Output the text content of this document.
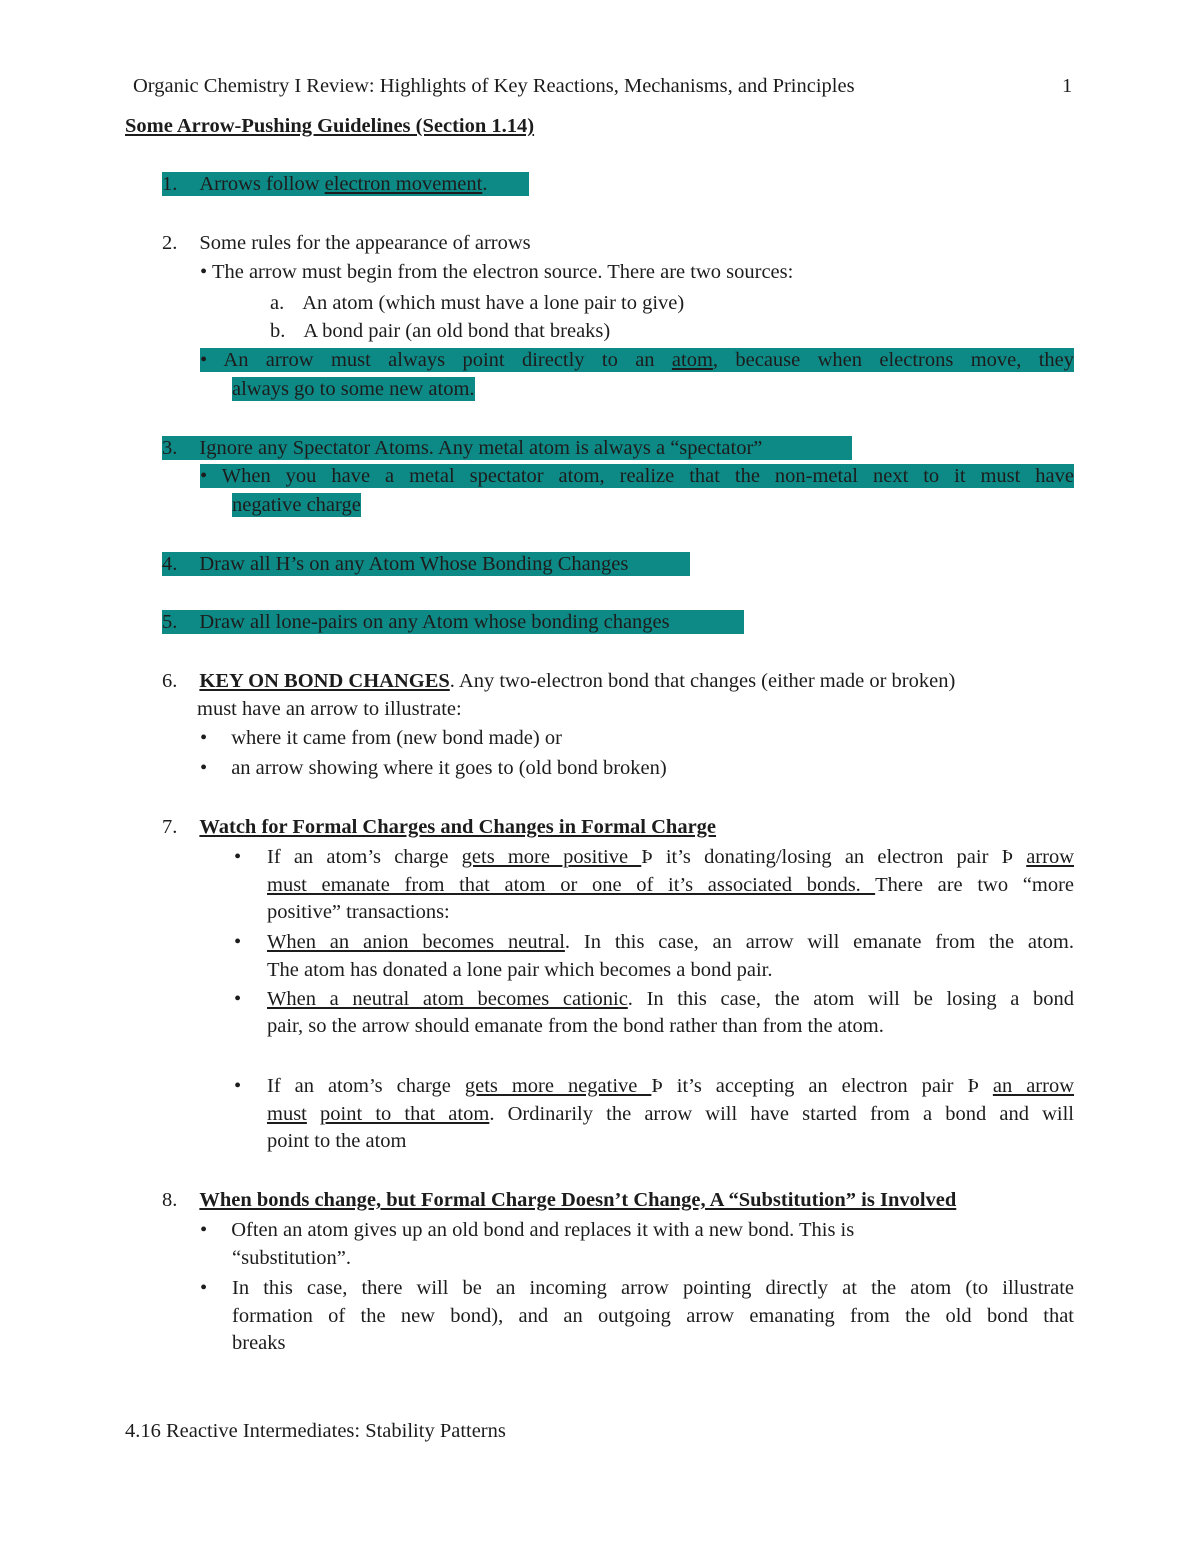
Organic Chemistry I Review: Highlights of Key Reactions, Mechanisms, and Principles	1
Some Arrow-Pushing Guidelines (Section 1.14)
1. Arrows follow electron movement.
2. Some rules for the appearance of arrows
• The arrow must begin from the electron source. There are two sources:
a. An atom (which must have a lone pair to give)
b. A bond pair (an old bond that breaks)
• An arrow must always point directly to an atom, because when electrons move, they
always go to some new atom.
3. Ignore any Spectator Atoms. Any metal atom is always a “spectator”
• When you have a metal spectator atom, realize that the non-metal next to it must have
negative charge
4. Draw all H’s on any Atom Whose Bonding Changes
5. Draw all lone-pairs on any Atom whose bonding changes
6. KEY ON BOND CHANGES. Any two-electron bond that changes (either made or broken)
must have an arrow to illustrate:
• where it came from (new bond made) or
• an arrow showing where it goes to (old bond broken)
7. Watch for Formal Charges and Changes in Formal Charge
• If an atom’s charge gets more positive Þ it’s donating/losing an electron pair Þ arrow
must emanate from that atom or one of it’s associated bonds. There are two “more
positive” transactions:
• When an anion becomes neutral. In this case, an arrow will emanate from the atom.
The atom has donated a lone pair which becomes a bond pair.
• When a neutral atom becomes cationic. In this case, the atom will be losing a bond
pair, so the arrow should emanate from the bond rather than from the atom.
• If an atom’s charge gets more negative Þ it’s accepting an electron pair Þ an arrow
must point to that atom. Ordinarily the arrow will have started from a bond and will
point to the atom
8. When bonds change, but Formal Charge Doesn’t Change, A “Substitution” is Involved
• Often an atom gives up an old bond and replaces it with a new bond. This is
“substitution”.
• In this case, there will be an incoming arrow pointing directly at the atom (to illustrate
formation of the new bond), and an outgoing arrow emanating from the old bond that
breaks
4.16 Reactive Intermediates: Stability Patterns
